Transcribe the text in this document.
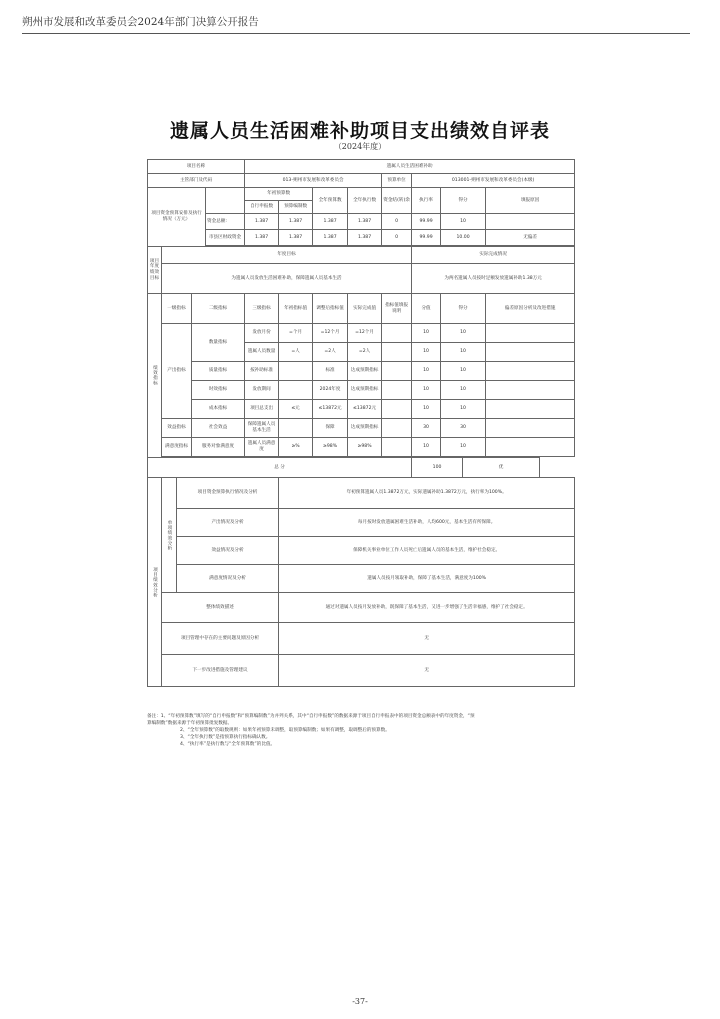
朔州市发展和改革委员会2024年部门决算公开报告
遗属人员生活困难补助项目支出绩效自评表
（2024年度）
项目名称					遗属人员生活困难补助								
主管部门及代码					013-朔州市发展和改革委员会				预算单位	013001-朔州市发展和改革委员会(本级)			
项目资金预算安排及执行情况（万元）					年初预算数		全年预算数	全年执行数	资金结(转)余	执行率	得分		填报原因
					自行申报数	预算编制数							
				资金总额:	1.387	1.387	1.387	1.387	0	99.99	10		
				市县区财政资金	1.387	1.387	1.387	1.387	0	99.99	10.00		无偏差

项目年度绩效目标	年度目标									实际完成情况			
	为遗属人员发放生活困难补助，保障遗属人员基本生活									为两名遗属人员按时足额发放遗属补助1.38万元			
绩效指标	一级指标		二级指标		三级指标	年初指标值	调整后指标值	实际完成值	指标值填报说明	分值	得分		偏差原因分析及改进措施
	产出指标		数量指标		发放月份	=个月	=12个月	=12个月		10	10		
					遗属人员数量	=人	=2人	=2人		10	10		
			质量指标		按补助标准		标准	达成预期指标		10	10		
			时效指标		发放期间		2024年度	达成预期指标		10	10		
			成本指标		项目总支出	≤元	≤13872元	≤13872元		10	10		
	效益指标		社会效益		保障遗属人员基本生活		保障	达成预期指标		30	30		
	满意度指标		服务对象满意度		遗属人员满意度	≥%	≥98%	≥98%		10	10		

总 分										100		优	
项目绩效分析	单项绩效分析	项目资金预算执行情况及分析				年初预算遗属人员1.3872万元，实际遗属补助1.3872万元，执行率为100%。							
		产出情况及分析				每月按时发放遗属困难生活补助，人均600元，基本生活有所保障。							
		效益情况及分析				保障机关事业单位工作人员死亡后遗属人员的基本生活，维护社会稳定。							
		满意度情况及分析				遗属人员按月领取补助，保障了基本生活，满意度为100%							
	整体绩效描述					通过对遗属人员按月发放补助，既保障了基本生活，又进一步增强了生活幸福感，维护了社会稳定。							
	项目管理中存在的主要问题及原因分析					无							
	下一步改进措施及管理建议					无							

备注：1、“年初预算数”填写的“自行申报数”和“预算编制数”为并列关系，其中“自行申报数”的数据来源于项目自行申报表中的项目资金总额表中的年度资金，“预

算编制数”数据来源于年初预算批复数据。

2、“全年预算数”的取数规则：如果年初预算未调整，取预算编制数；如果有调整，取调整后的预算数。

3、“全年执行数”是指预算执行指标确认数。

4、“执行率”是执行数与“全年预算数”的比值。

-37-
